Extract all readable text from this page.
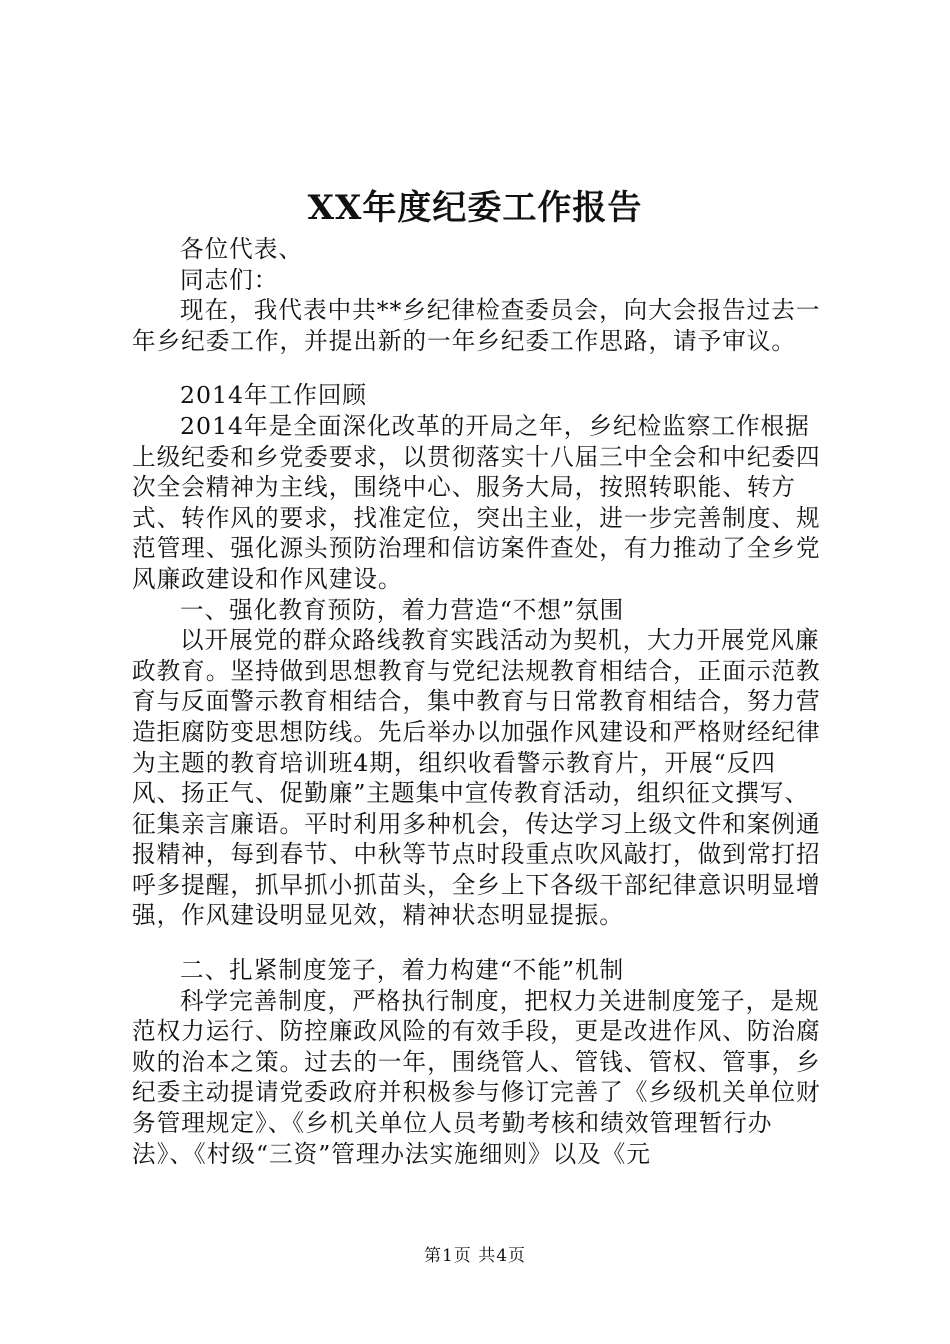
XX年度纪委工作报告

各位代表、

同志们：

现在，我代表中共**乡纪律检查委员会，向大会报告过去一年乡纪委工作，并提出新的一年乡纪委工作思路，请予审议。

2014年工作回顾

2014年是全面深化改革的开局之年，乡纪检监察工作根据上级纪委和乡党委要求，以贯彻落实十八届三中全会和中纪委四次全会精神为主线，围绕中心、服务大局，按照转职能、转方式、转作风的要求，找准定位，突出主业，进一步完善制度、规范管理、强化源头预防治理和信访案件查处，有力推动了全乡党风廉政建设和作风建设。

一、强化教育预防，着力营造“不想”氛围

以开展党的群众路线教育实践活动为契机，大力开展党风廉政教育。坚持做到思想教育与党纪法规教育相结合，正面示范教育与反面警示教育相结合，集中教育与日常教育相结合，努力营造拒腐防变思想防线。先后举办以加强作风建设和严格财经纪律为主题的教育培训班4期，组织收看警示教育片，开展“反四风、扬正气、促勤廉”主题集中宣传教育活动，组织征文撰写、征集亲言廉语。平时利用多种机会，传达学习上级文件和案例通报精神，每到春节、中秋等节点时段重点吹风敲打，做到常打招呼多提醒，抓早抓小抓苗头，全乡上下各级干部纪律意识明显增强，作风建设明显见效，精神状态明显提振。

二、扎紧制度笼子，着力构建“不能”机制

科学完善制度，严格执行制度，把权力关进制度笼子，是规范权力运行、防控廉政风险的有效手段，更是改进作风、防治腐败的治本之策。过去的一年，围绕管人、管钱、管权、管事，乡纪委主动提请党委政府并积极参与修订完善了《乡级机关单位财务管理规定》、《乡机关单位人员考勤考核和绩效管理暂行办法》、《村级“三资”管理办法实施细则》以及《元

第1页 共4页
